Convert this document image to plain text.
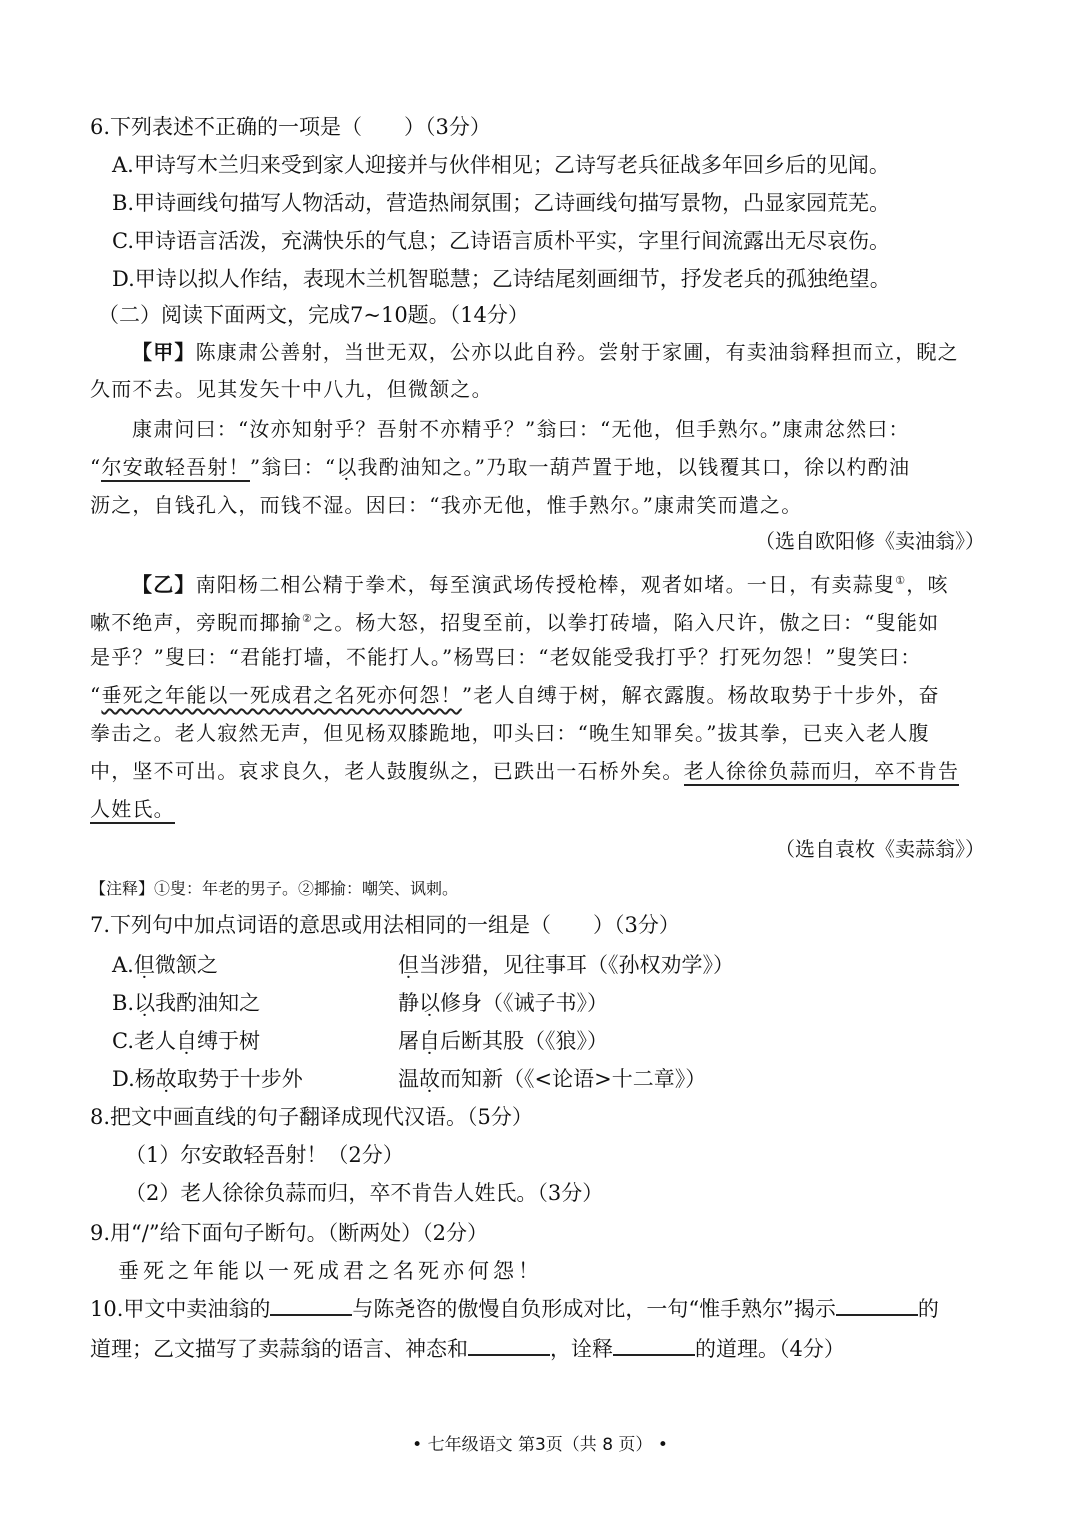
6.下列表述不正确的一项是（　　）（3分）
A.甲诗写木兰归来受到家人迎接并与伙伴相见；乙诗写老兵征战多年回乡后的见闻。
B.甲诗画线句描写人物活动，营造热闹氛围；乙诗画线句描写景物，凸显家园荒芜。
C.甲诗语言活泼，充满快乐的气息；乙诗语言质朴平实，字里行间流露出无尽哀伤。
D.甲诗以拟人作结，表现木兰机智聪慧；乙诗结尾刻画细节，抒发老兵的孤独绝望。
（二）阅读下面两文，完成7~10题。（14分）
【甲】陈康肃公善射，当世无双，公亦以此自矜。尝射于家圃，有卖油翁释担而立，睨之
久而不去。见其发矢十中八九，但微颔之。
康肃问曰：“汝亦知射乎？吾射不亦精乎？”翁曰：“无他，但手熟尔。”康肃忿然曰：
“尔安敢轻吾射！”翁曰：“以我酌油知之。”乃取一葫芦置于地，以钱覆其口，徐以杓酌油
沥之，自钱孔入，而钱不湿。因曰：“我亦无他，惟手熟尔。”康肃笑而遣之。
（选自欧阳修《卖油翁》）
【乙】南阳杨二相公精于拳术，每至演武场传授枪棒，观者如堵。一日，有卖蒜叟①，咳
嗽不绝声，旁睨而揶揄②之。杨大怒，招叟至前，以拳打砖墙，陷入尺许，傲之曰：“叟能如
是乎？”叟曰：“君能打墙，不能打人。”杨骂曰：“老奴能受我打乎？打死勿怨！”叟笑曰：
“垂死之年能以一死成君之名死亦何怨！”老人自缚于树，解衣露腹。杨故取势于十步外，奋
拳击之。老人寂然无声，但见杨双膝跪地，叩头曰：“晚生知罪矣。”拔其拳，已夹入老人腹
中，坚不可出。哀求良久，老人鼓腹纵之，已跌出一石桥外矣。老人徐徐负蒜而归，卒不肯告
人姓氏。
（选自袁枚《卖蒜翁》）
【注释】①叟：年老的男子。②揶揄：嘲笑、讽刺。
7.下列句中加点词语的意思或用法相同的一组是（　　）（3分）
A.但微颔之	但当涉猎，见往事耳（《孙权劝学》）
B.以我酌油知之	静以修身（《诫子书》）
C.老人自缚于树	屠自后断其股（《狼》）
D.杨故取势于十步外	温故而知新（《<论语>十二章》）
8.把文中画直线的句子翻译成现代汉语。（5分）
（1）尔安敢轻吾射！（2分）
（2）老人徐徐负蒜而归，卒不肯告人姓氏。（3分）
9.用“/”给下面句子断句。（断两处）（2分）
垂死之年能以一死成君之名死亦何怨！
10.甲文中卖油翁的	与陈尧咨的傲慢自负形成对比，一句“惟手熟尔”揭示	的
道理；乙文描写了卖蒜翁的语言、神态和	，诠释	的道理。（4分）
• 七年级语文 第3页（共 8 页） •
